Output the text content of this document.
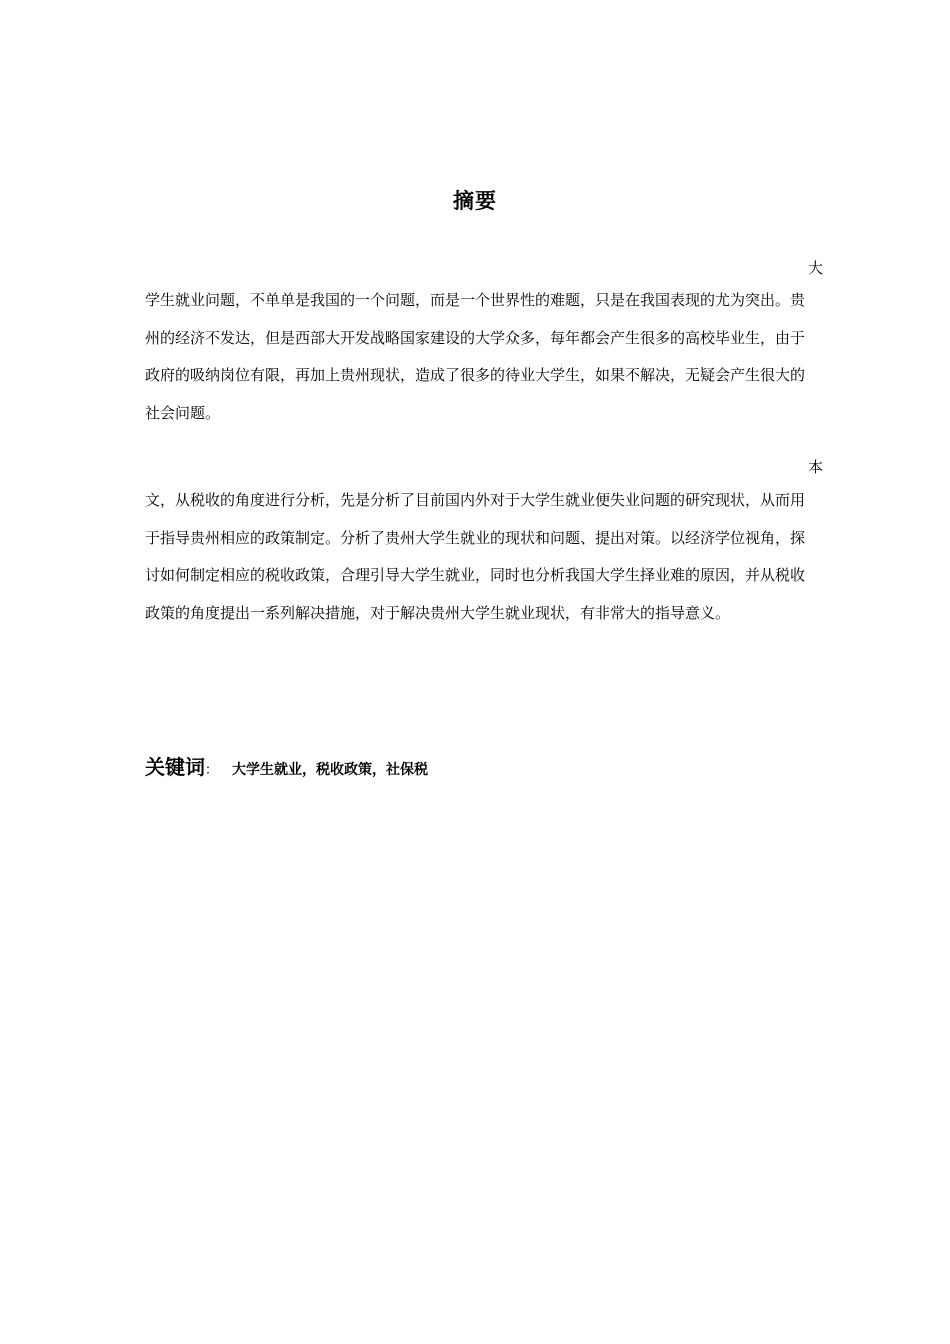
摘要
大
学生就业问题，不单单是我国的一个问题，而是一个世界性的难题，只是在我国表现的尤为突出。贵州的经济不发达，但是西部大开发战略国家建设的大学众多，每年都会产生很多的高校毕业生，由于政府的吸纳岗位有限，再加上贵州现状，造成了很多的待业大学生，如果不解决，无疑会产生很大的社会问题。
本
文，从税收的角度进行分析，先是分析了目前国内外对于大学生就业便失业问题的研究现状，从而用于指导贵州相应的政策制定。分析了贵州大学生就业的现状和问题、提出对策。以经济学位视角，探讨如何制定相应的税收政策，合理引导大学生就业，同时也分析我国大学生择业难的原因，并从税收政策的角度提出一系列解决措施，对于解决贵州大学生就业现状，有非常大的指导意义。
关键词： 大学生就业，税收政策，社保税
